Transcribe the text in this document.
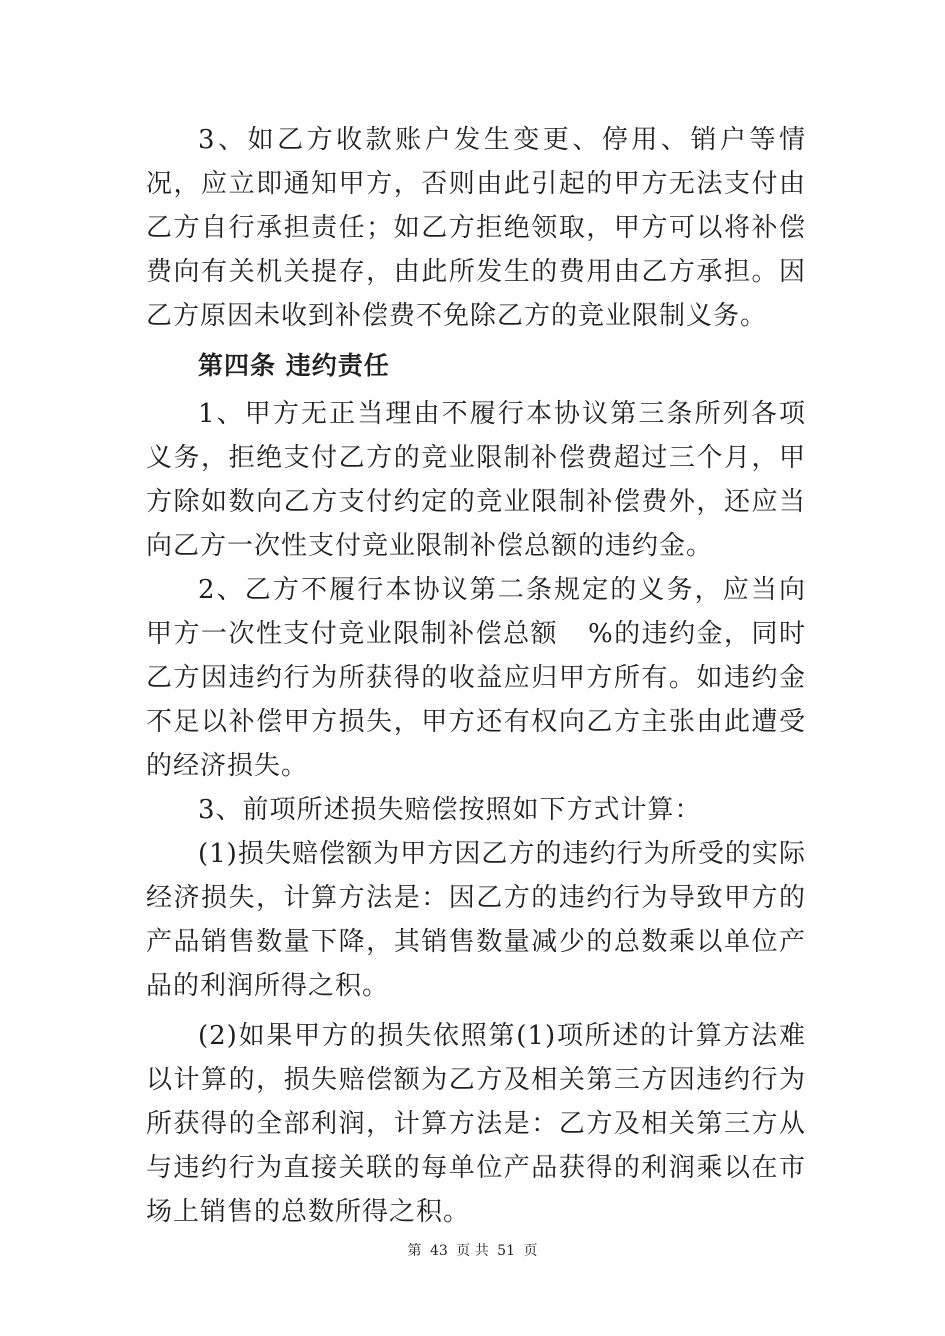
3、如乙方收款账户发生变更、停用、销户等情况，应立即通知甲方，否则由此引起的甲方无法支付由乙方自行承担责任；如乙方拒绝领取，甲方可以将补偿费向有关机关提存，由此所发生的费用由乙方承担。因乙方原因未收到补偿费不免除乙方的竞业限制义务。

第四条 违约责任

1、甲方无正当理由不履行本协议第三条所列各项义务，拒绝支付乙方的竞业限制补偿费超过三个月，甲方除如数向乙方支付约定的竞业限制补偿费外，还应当向乙方一次性支付竞业限制补偿总额的违约金。

2、乙方不履行本协议第二条规定的义务，应当向甲方一次性支付竞业限制补偿总额 %的违约金，同时乙方因违约行为所获得的收益应归甲方所有。如违约金不足以补偿甲方损失，甲方还有权向乙方主张由此遭受的经济损失。

3、前项所述损失赔偿按照如下方式计算：

(1)损失赔偿额为甲方因乙方的违约行为所受的实际经济损失，计算方法是：因乙方的违约行为导致甲方的产品销售数量下降，其销售数量减少的总数乘以单位产品的利润所得之积。

(2)如果甲方的损失依照第(1)项所述的计算方法难以计算的，损失赔偿额为乙方及相关第三方因违约行为所获得的全部利润，计算方法是：乙方及相关第三方从与违约行为直接关联的每单位产品获得的利润乘以在市场上销售的总数所得之积。

第 43 页 共 51 页
